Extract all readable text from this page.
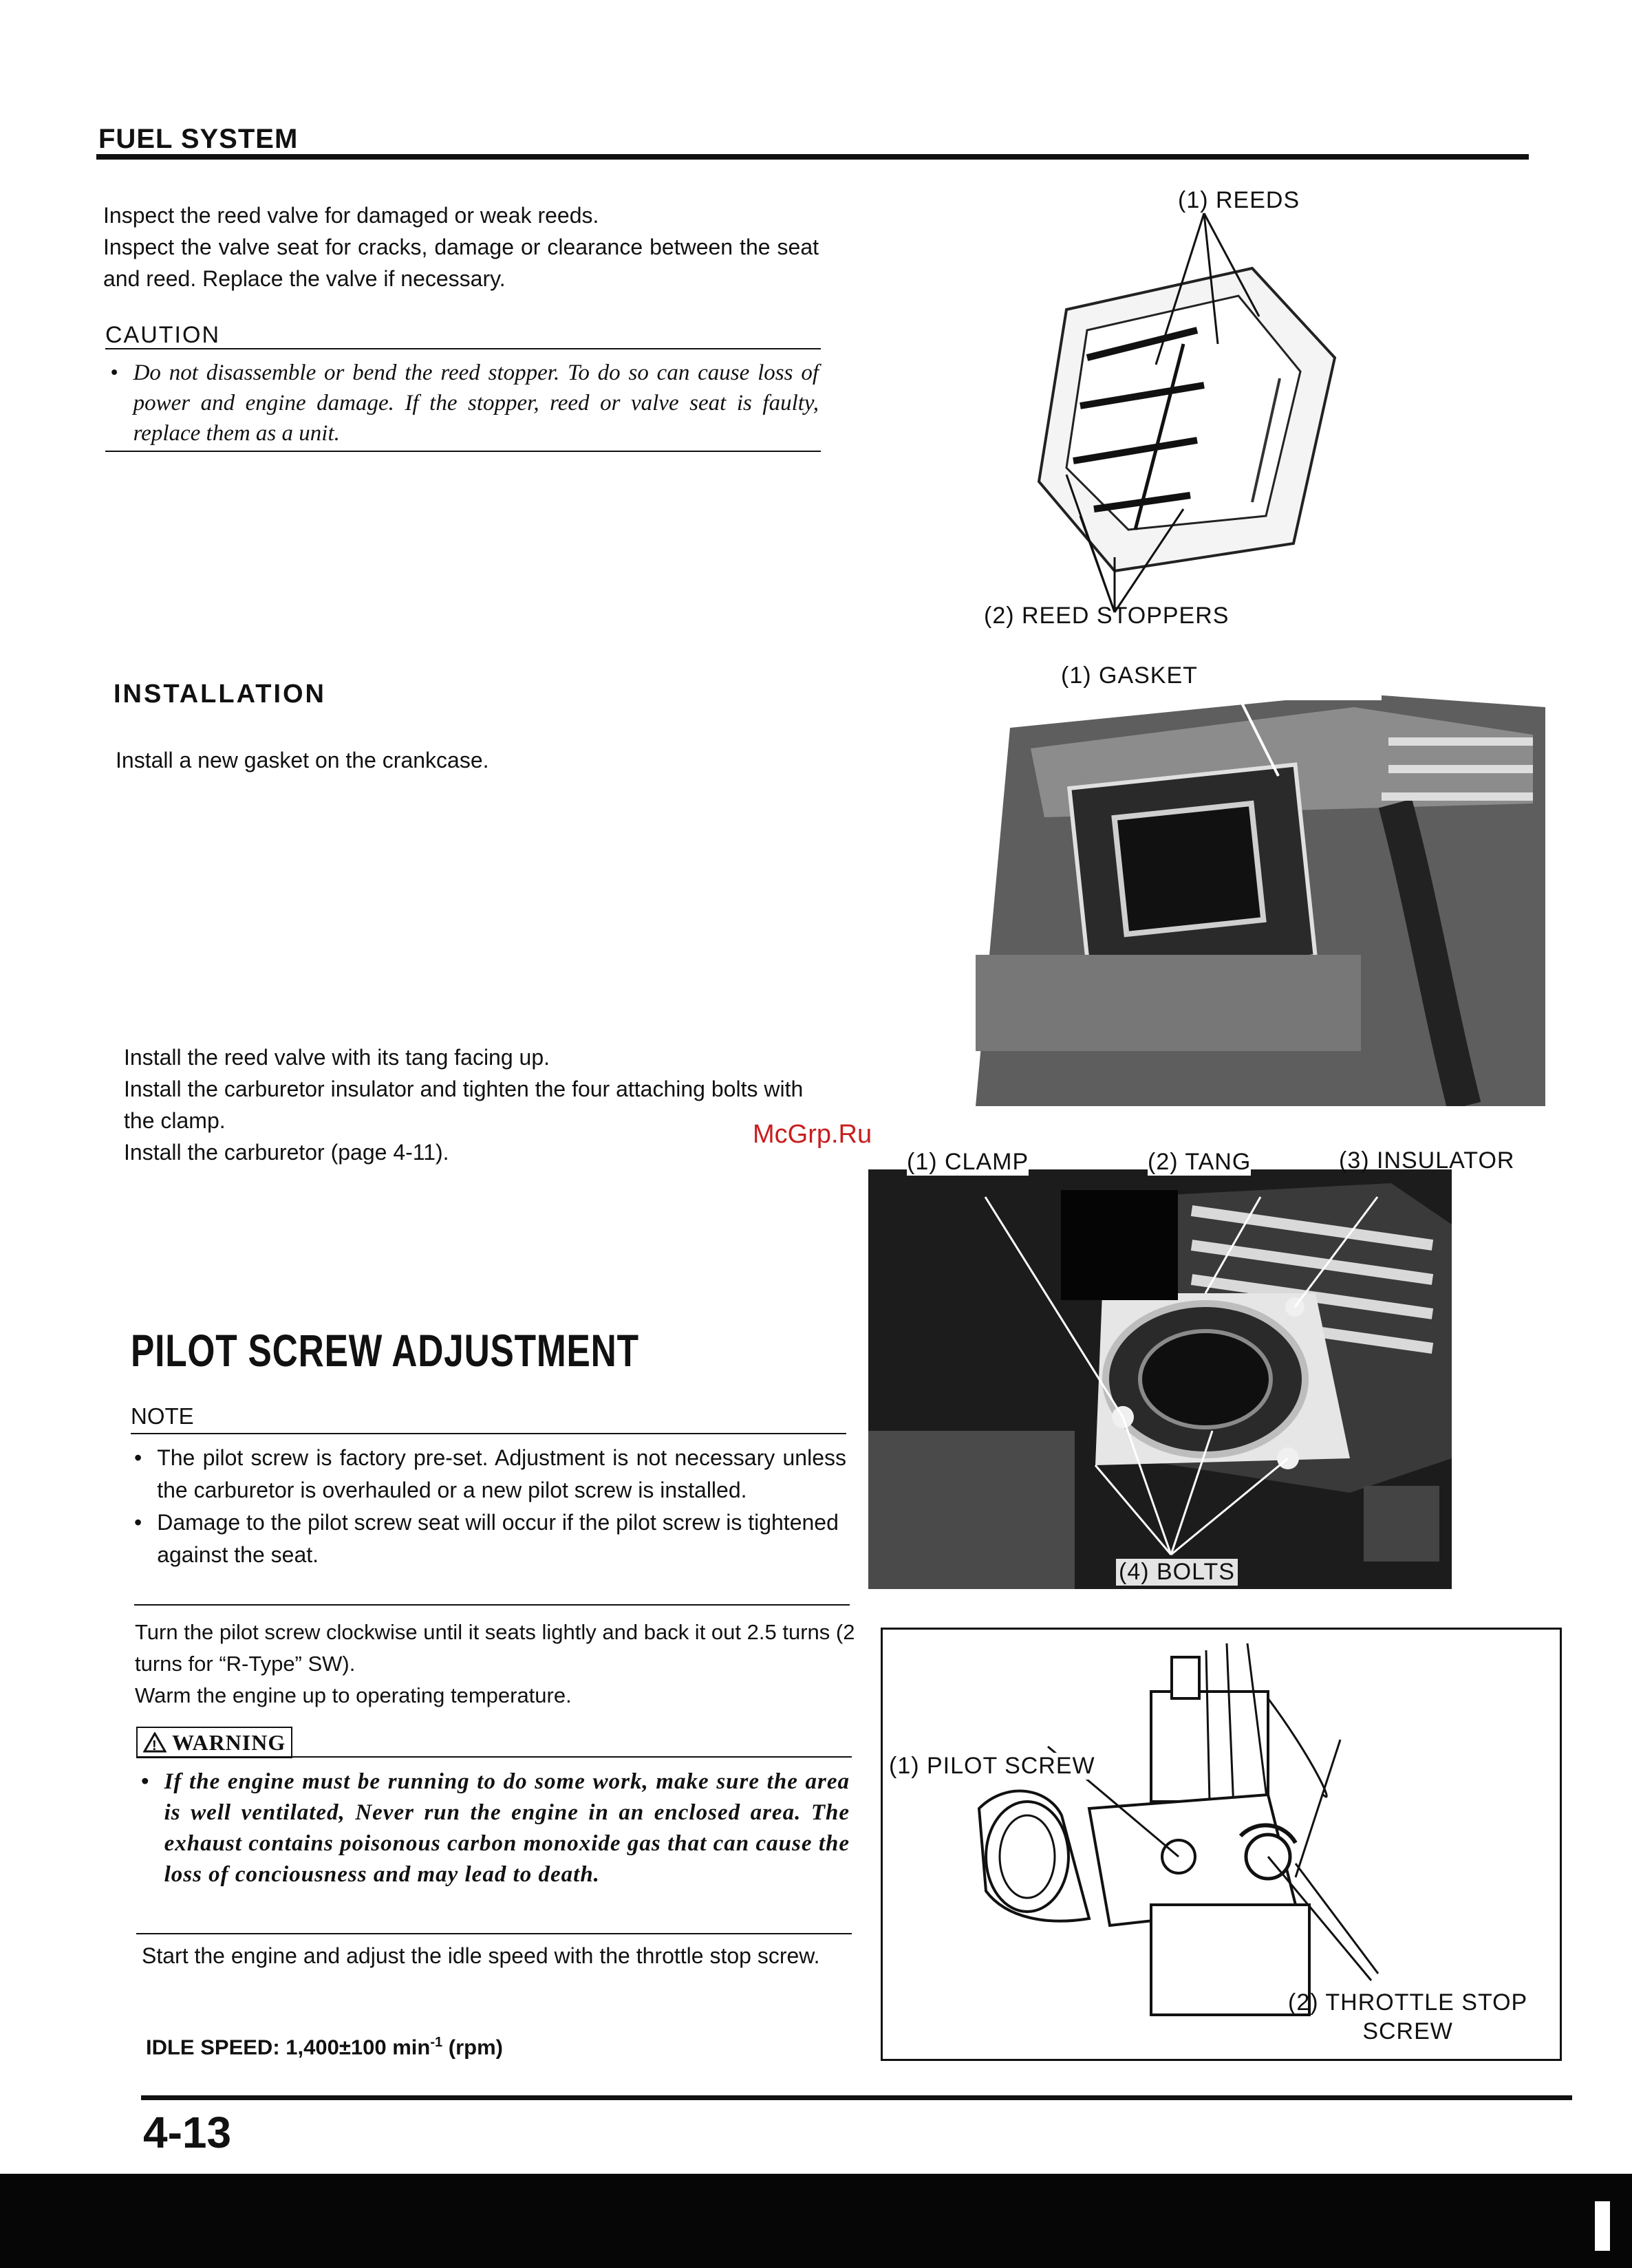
FUEL SYSTEM
Inspect the reed valve for damaged or weak reeds.
Inspect the valve seat for cracks, damage or clearance between the seat and reed. Replace the valve if necessary.
CAUTION
• Do not disassemble or bend the reed stopper. To do so can cause loss of power and engine damage. If the stopper, reed or valve seat is faulty, replace them as a unit.
(1) REEDS
(2) REED STOPPERS
INSTALLATION
Install a new gasket on the crankcase.
(1) GASKET
Install the reed valve with its tang facing up.
Install the carburetor insulator and tighten the four attaching bolts with the clamp.
Install the carburetor (page 4-11).
McGrp.Ru
(1) CLAMP	(2) TANG	(3) INSULATOR
(4) BOLTS
PILOT SCREW ADJUSTMENT
NOTE
• The pilot screw is factory pre-set. Adjustment is not necessary unless the carburetor is overhauled or a new pilot screw is installed.
• Damage to the pilot screw seat will occur if the pilot screw is tightened against the seat.
Turn the pilot screw clockwise until it seats lightly and back it out 2.5 turns (2 turns for “R-Type” SW).
Warm the engine up to operating temperature.
! WARNING
• If the engine must be running to do some work, make sure the area is well ventilated, Never run the engine in an enclosed area. The exhaust contains poisonous carbon monoxide gas that can cause the loss of conciousness and may lead to death.
Start the engine and adjust the idle speed with the throttle stop screw.
IDLE SPEED: 1,400±100 $\min^{-1} (rpm)$
(1) PILOT SCREW
(2) THROTTLE STOP
SCREW
4-13
